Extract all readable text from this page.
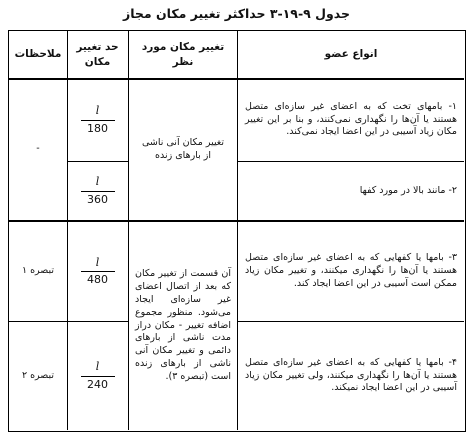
جدول ۹-۱۹-۳ حداکثر تغییر مکان مجاز
انواع عضو
تغییر مکان مورد نظر
حد تغییر مکان
ملاحظات
۱- بامهای تخت که به اعضای غیر سازه‌ای متصل هستند یا آن‌ها را نگهداری نمی‌کنند، و بنا بر این تغییر مکان زیاد آسیبی در این اعضا ایجاد نمی‌کند.
$\frac{l}{180}$
۲- مانند بالا در مورد کفها
$\frac{l}{360}$
تغییر مکان آنی ناشی از بارهای زنده
-
۳- بامها یا کفهایی که به اعضای غیر سازه‌ای متصل هستند یا آن‌ها را نگهداری میکنند، و تغییر مکان زیاد ممکن است آسیبی در این اعضا ایجاد کند.
$\frac{l}{480}$
تبصره ۱
۴- بامها یا کفهایی که به اعضای غیر سازه‌ای متصل هستند یا آن‌ها را نگهداری میکنند، ولی تغییر مکان زیاد آسیبی در این اعضا ایجاد نمیکند.
$\frac{l}{240}$
تبصره ۲
آن قسمت از تغییر مکان که بعد از اتصال اعضای غیر سازه‌ای ایجاد می‌شود. منظور مجموع اضافه تغییر - مکان دراز مدت ناشی از بارهای دائمی و تغییر مکان آنی ناشی از بارهای زنده است (تبصره ۳).
